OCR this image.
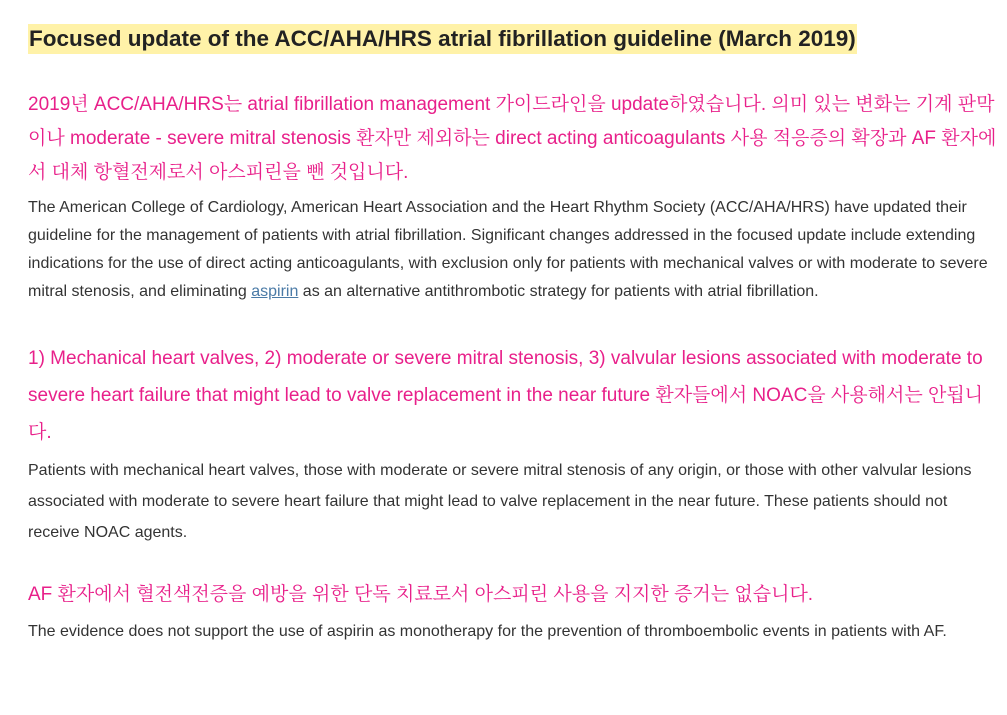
Focused update of the ACC/AHA/HRS atrial fibrillation guideline (March 2019)

2019년 ACC/AHA/HRS는 atrial fibrillation management 가이드라인을 update하였습니다. 의미 있는 변화는 기계 판막이나 moderate - severe mitral stenosis 환자만 제외하는 direct acting anticoagulants 사용 적응증의 확장과 AF 환자에서 대체 항혈전제로서 아스피린을 뺀 것입니다.

The American College of Cardiology, American Heart Association and the Heart Rhythm Society (ACC/AHA/HRS) have updated their guideline for the management of patients with atrial fibrillation. Significant changes addressed in the focused update include extending indications for the use of direct acting anticoagulants, with exclusion only for patients with mechanical valves or with moderate to severe mitral stenosis, and eliminating aspirin as an alternative antithrombotic strategy for patients with atrial fibrillation.

1) Mechanical heart valves, 2) moderate or severe mitral stenosis, 3) valvular lesions associated with moderate to severe heart failure that might lead to valve replacement in the near future 환자들에서 NOAC을 사용해서는 안됩니다.

Patients with mechanical heart valves, those with moderate or severe mitral stenosis of any origin, or those with other valvular lesions associated with moderate to severe heart failure that might lead to valve replacement in the near future. These patients should not receive NOAC agents.

AF 환자에서 혈전색전증을 예방을 위한 단독 치료로서 아스피린 사용을 지지한 증거는 없습니다.

The evidence does not support the use of aspirin as monotherapy for the prevention of thromboembolic events in patients with AF.
